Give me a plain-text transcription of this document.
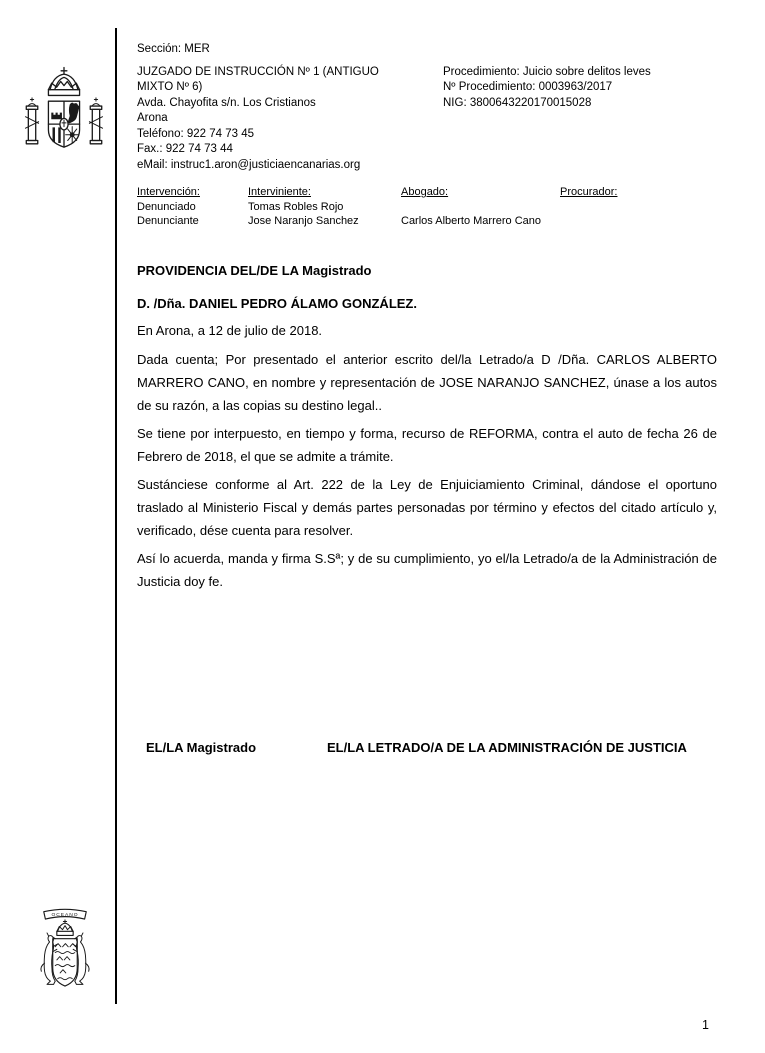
OCEANO
Sección: MER
JUZGADO DE INSTRUCCIÓN Nº 1 (ANTIGUO
MIXTO Nº 6)
Avda. Chayofita s/n. Los Cristianos
Arona
Teléfono: 922 74 73 45
Fax.: 922 74 73 44
eMail: instruc1.aron@justiciaencanarias.org
Procedimiento: Juicio sobre delitos leves
Nº Procedimiento: 0003963/2017
NIG: 3800643220170015028
Intervención:	Interviniente:	Abogado:	Procurador:
Denunciado	Tomas Robles Rojo
Denunciante	Jose Naranjo Sanchez	Carlos Alberto Marrero Cano
PROVIDENCIA DEL/DE LA Magistrado
D. /Dña. DANIEL PEDRO ÁLAMO GONZÁLEZ.
En Arona, a 12 de julio de 2018.

Dada cuenta; Por presentado el anterior escrito del/la Letrado/a D /Dña. CARLOS ALBERTO MARRERO CANO, en nombre y representación de JOSE NARANJO SANCHEZ, únase a los autos de su razón, a las copias su destino legal..

Se tiene por interpuesto, en tiempo y forma, recurso de REFORMA, contra el auto de fecha 26 de Febrero de 2018, el que se admite a trámite.

Sustánciese conforme al Art. 222 de la Ley de Enjuiciamiento Criminal, dándose el oportuno traslado al Ministerio Fiscal y demás partes personadas por término y efectos del citado artículo y, verificado, dése cuenta para resolver.

Así lo acuerda, manda y firma S.Sª; y de su cumplimiento, yo el/la Letrado/a de la Administración de Justicia doy fe.

EL/LA Magistrado	EL/LA LETRADO/A DE LA ADMINISTRACIÓN DE JUSTICIA
1
